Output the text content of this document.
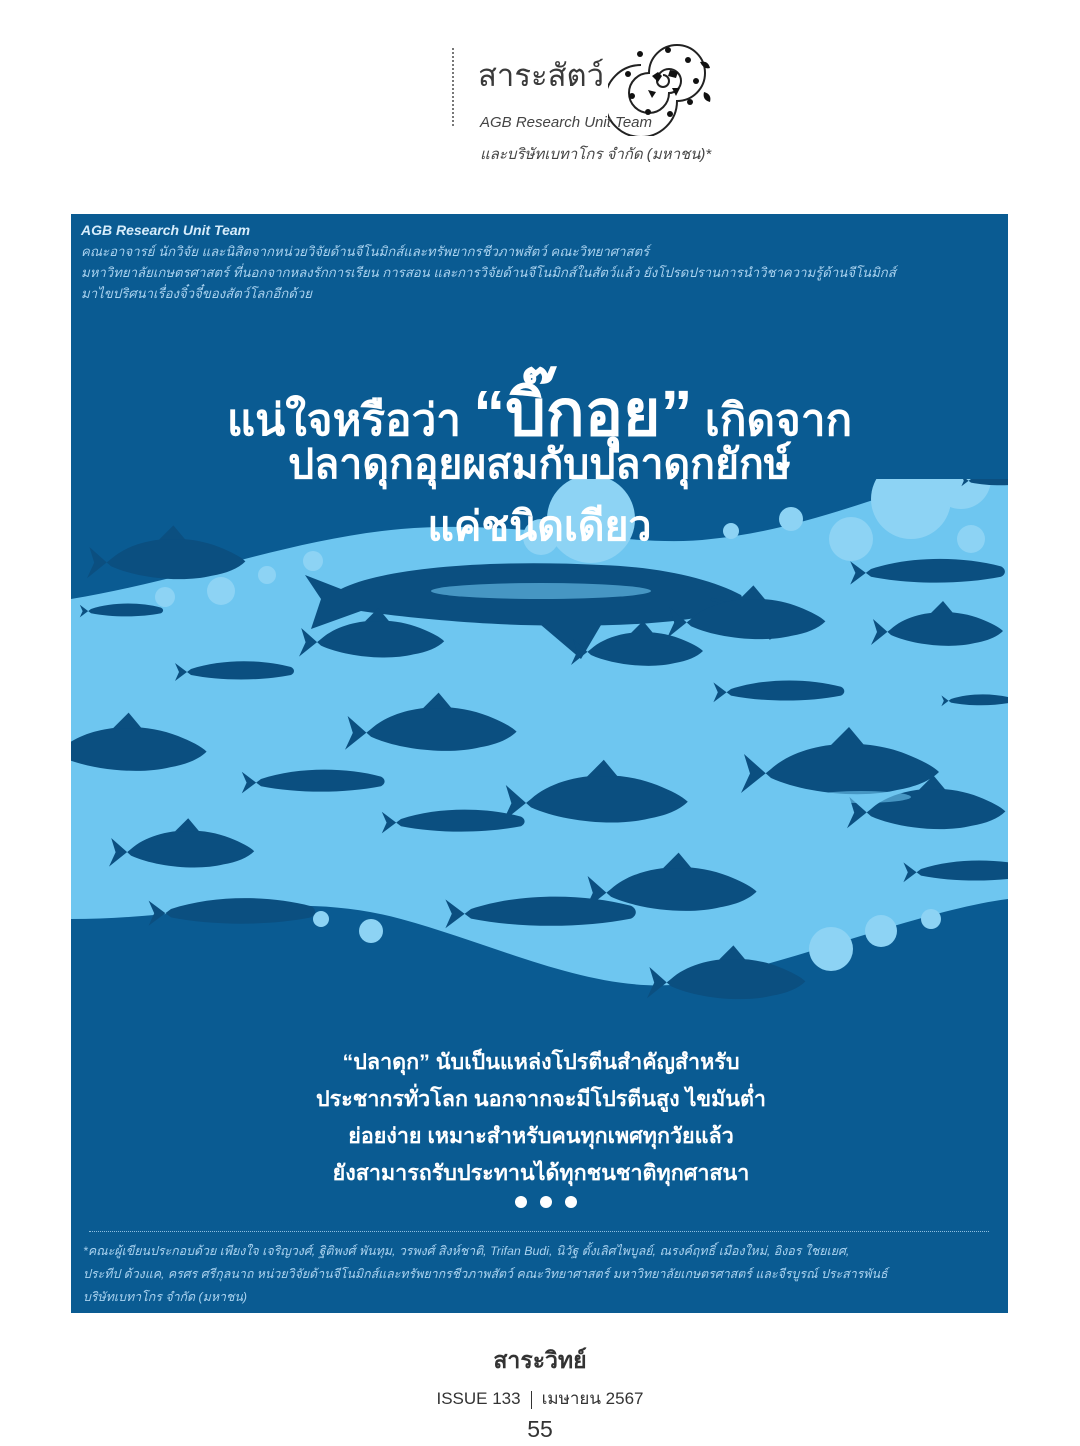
สาระสัตว์
AGB Research Unit Team
และบริษัทเบทาโกร จำกัด (มหาชน)*
AGB Research Unit Team

คณะอาจารย์ นักวิจัย และนิสิตจากหน่วยวิจัยด้านจีโนมิกส์และทรัพยากรชีวภาพสัตว์ คณะวิทยาศาสตร์

มหาวิทยาลัยเกษตรศาสตร์ ที่นอกจากหลงรักการเรียน การสอน และการวิจัยด้านจีโนมิกส์ในสัตว์แล้ว ยังโปรดปรานการนำวิชาความรู้ด้านจีโนมิกส์

มาไขปริศนาเรื่องจิ๋วจี๋ของสัตว์โลกอีกด้วย

แน่ใจหรือว่า “บิ๊กอุย” เกิดจาก
ปลาดุกอุยผสมกับปลาดุกยักษ์
แค่ชนิดเดียว
“ปลาดุก” นับเป็นแหล่งโปรตีนสำคัญสำหรับ
ประชากรทั่วโลก นอกจากจะมีโปรตีนสูง ไขมันต่ำ
ย่อยง่าย เหมาะสำหรับคนทุกเพศทุกวัยแล้ว
ยังสามารถรับประทานได้ทุกชนชาติทุกศาสนา

*คณะผู้เขียนประกอบด้วย เพียงใจ เจริญวงศ์, ฐิติพงศ์ พันทุม, วรพงศ์ สิงห์ชาติ, Trifan Budi, นิวัฐ ตั้งเลิศไพบูลย์, ณรงค์ฤทธิ์ เมืองใหม่, อิงอร ใชยเยศ,

ประทีป ด้วงแค, ครศร ศรีกุลนาถ หน่วยวิจัยด้านจีโนมิกส์และทรัพยากรชีวภาพสัตว์ คณะวิทยาศาสตร์ มหาวิทยาลัยเกษตรศาสตร์ และจีรบูรณ์ ประสารพันธ์

บริษัทเบทาโกร จำกัด (มหาชน)

สาระวิทย์
ISSUE 133 เมษายน 2567
55
